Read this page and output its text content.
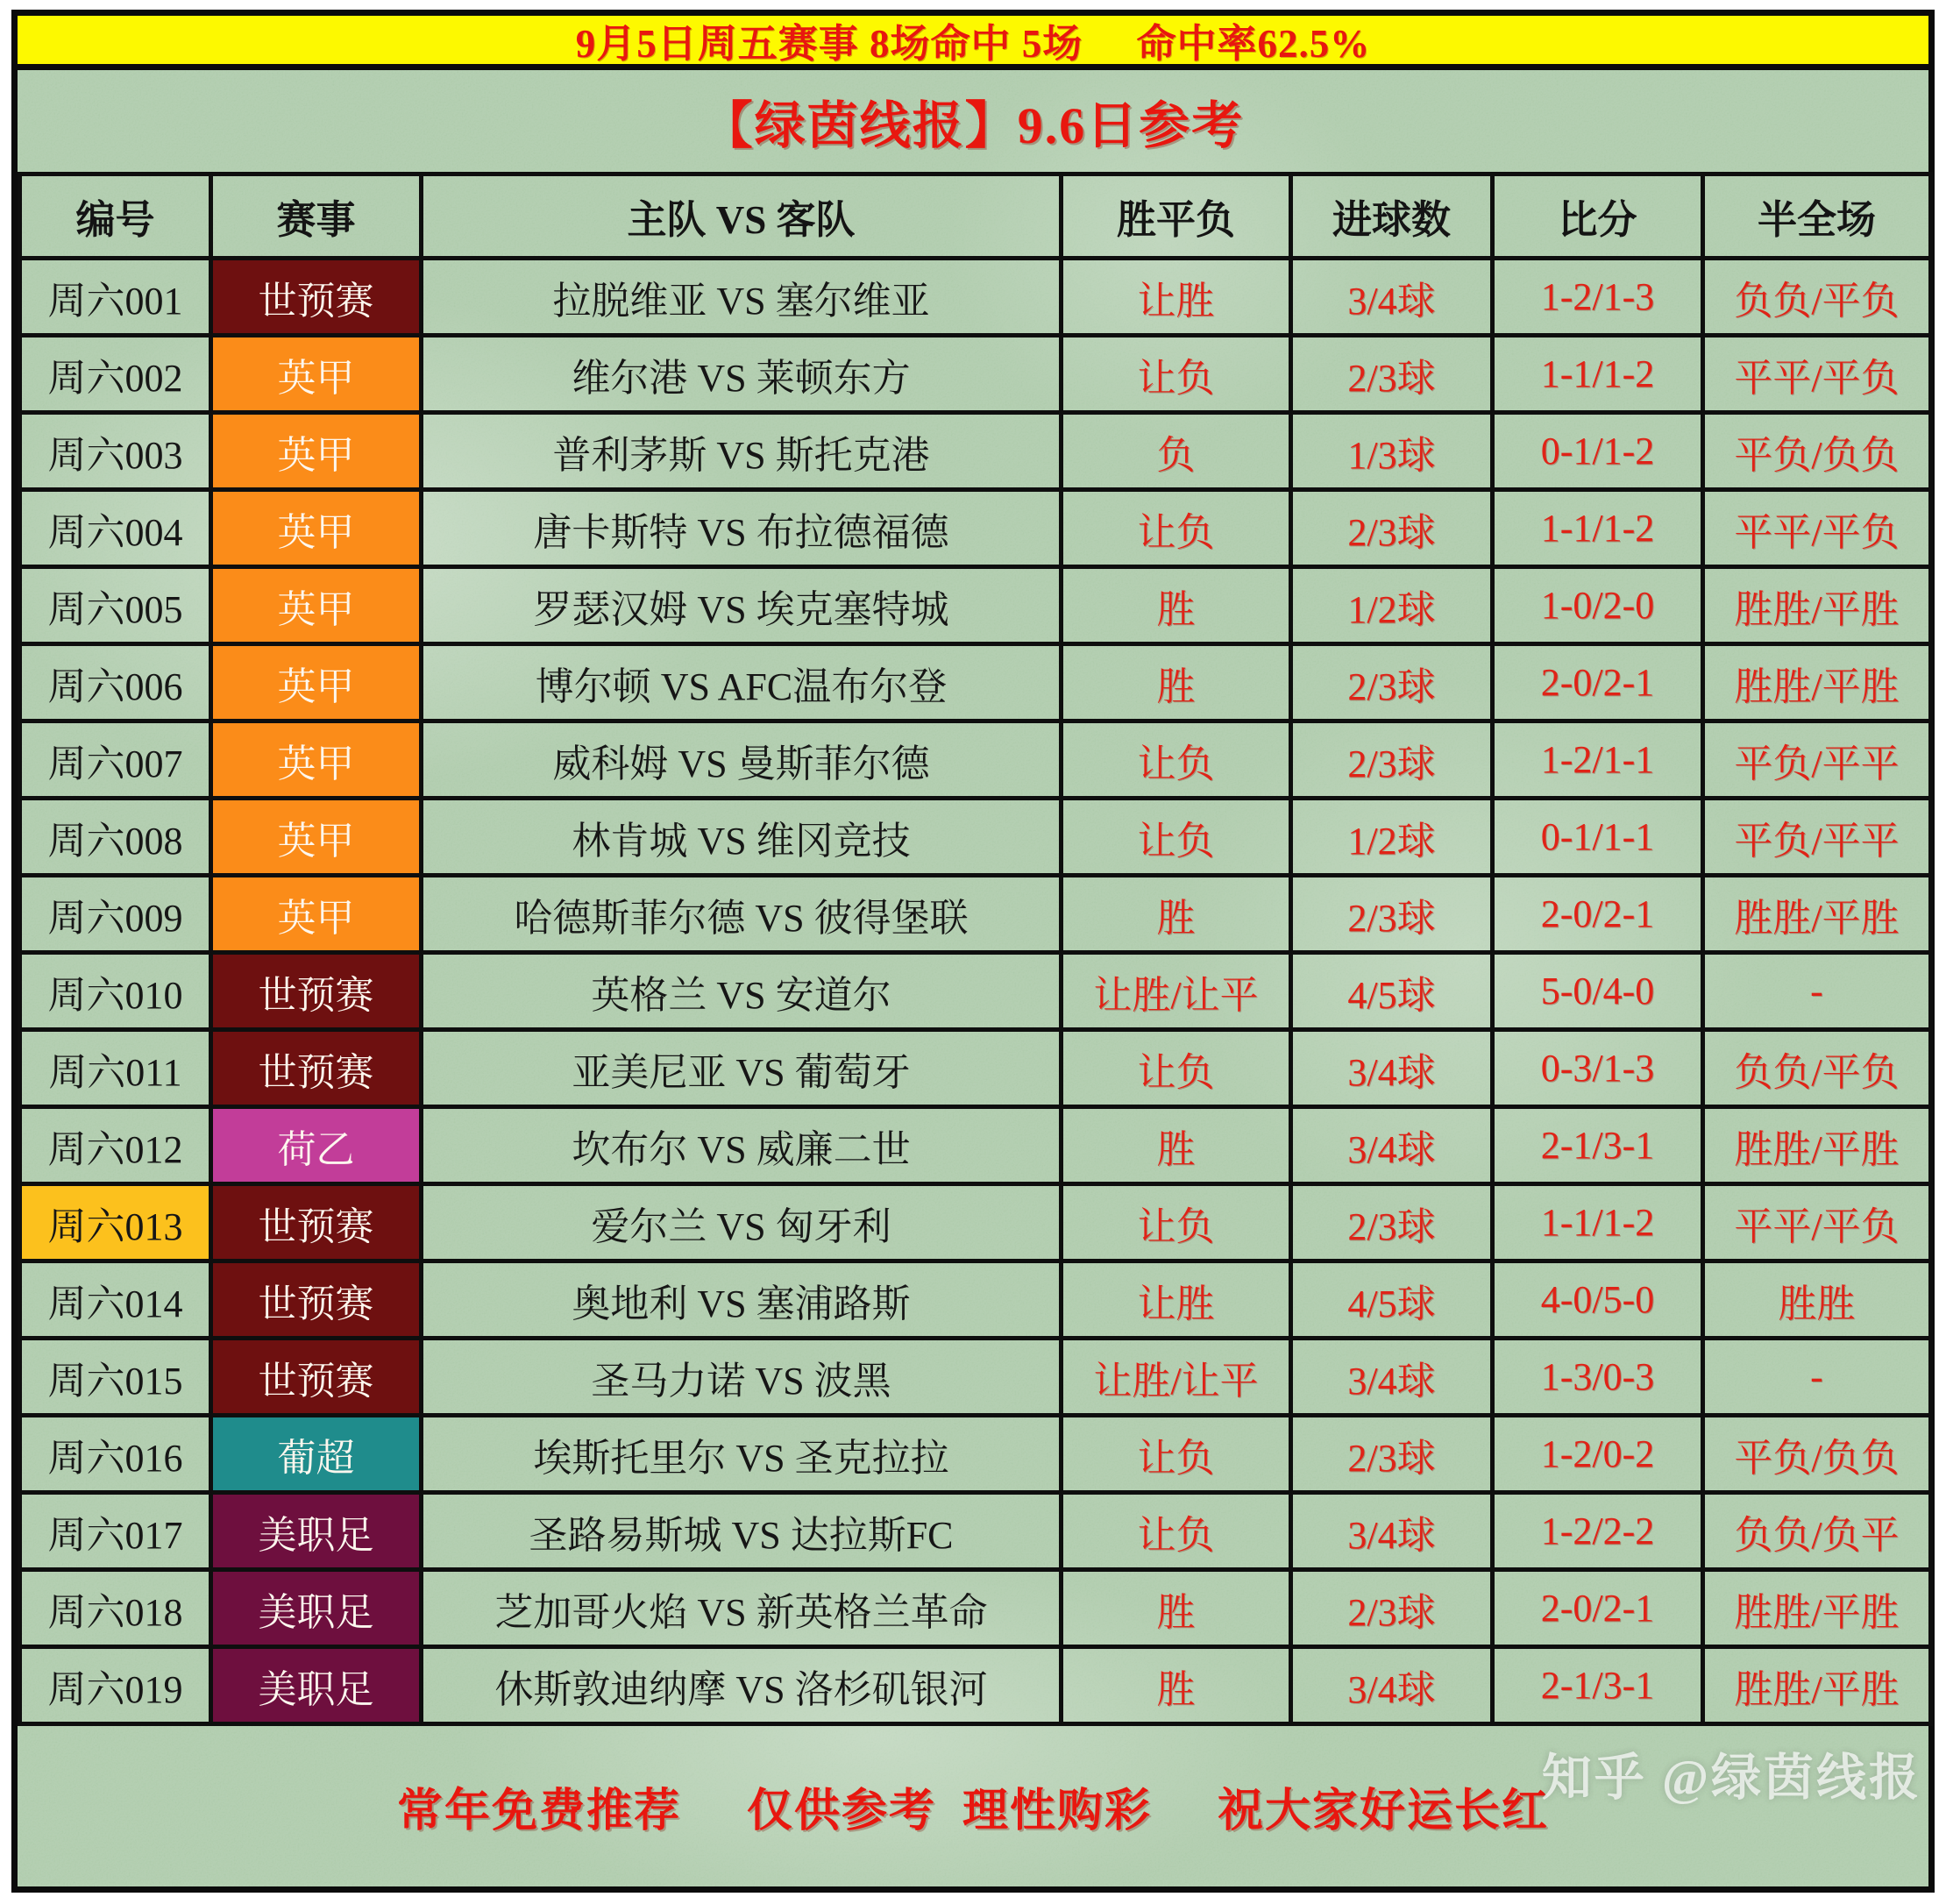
9月5日周五赛事 8场命中 5场     命中率62.5%
【绿茵线报】9.6日参考
编号	赛事	主队 VS 客队	胜平负	进球数	比分	半全场
周六001	世预赛	拉脱维亚 VS 塞尔维亚	让胜	3/4球	1-2/1-3	负负/平负
周六002	英甲	维尔港 VS 莱顿东方	让负	2/3球	1-1/1-2	平平/平负
周六003	英甲	普利茅斯 VS 斯托克港	负	1/3球	0-1/1-2	平负/负负
周六004	英甲	唐卡斯特 VS 布拉德福德	让负	2/3球	1-1/1-2	平平/平负
周六005	英甲	罗瑟汉姆 VS 埃克塞特城	胜	1/2球	1-0/2-0	胜胜/平胜
周六006	英甲	博尔顿 VS AFC温布尔登	胜	2/3球	2-0/2-1	胜胜/平胜
周六007	英甲	威科姆 VS 曼斯菲尔德	让负	2/3球	1-2/1-1	平负/平平
周六008	英甲	林肯城 VS 维冈竞技	让负	1/2球	0-1/1-1	平负/平平
周六009	英甲	哈德斯菲尔德 VS 彼得堡联	胜	2/3球	2-0/2-1	胜胜/平胜
周六010	世预赛	英格兰 VS 安道尔	让胜/让平	4/5球	5-0/4-0	-
周六011	世预赛	亚美尼亚 VS 葡萄牙	让负	3/4球	0-3/1-3	负负/平负
周六012	荷乙	坎布尔 VS 威廉二世	胜	3/4球	2-1/3-1	胜胜/平胜
周六013	世预赛	爱尔兰 VS 匈牙利	让负	2/3球	1-1/1-2	平平/平负
周六014	世预赛	奥地利 VS 塞浦路斯	让胜	4/5球	4-0/5-0	胜胜
周六015	世预赛	圣马力诺 VS 波黑	让胜/让平	3/4球	1-3/0-3	-
周六016	葡超	埃斯托里尔 VS 圣克拉拉	让负	2/3球	1-2/0-2	平负/负负
周六017	美职足	圣路易斯城 VS 达拉斯FC	让负	3/4球	1-2/2-2	负负/负平
周六018	美职足	芝加哥火焰 VS 新英格兰革命	胜	2/3球	2-0/2-1	胜胜/平胜
周六019	美职足	休斯敦迪纳摩 VS 洛杉矶银河	胜	3/4球	2-1/3-1	胜胜/平胜
常年免费推荐     仅供参考  理性购彩     祝大家好运长红
知乎 @绿茵线报
